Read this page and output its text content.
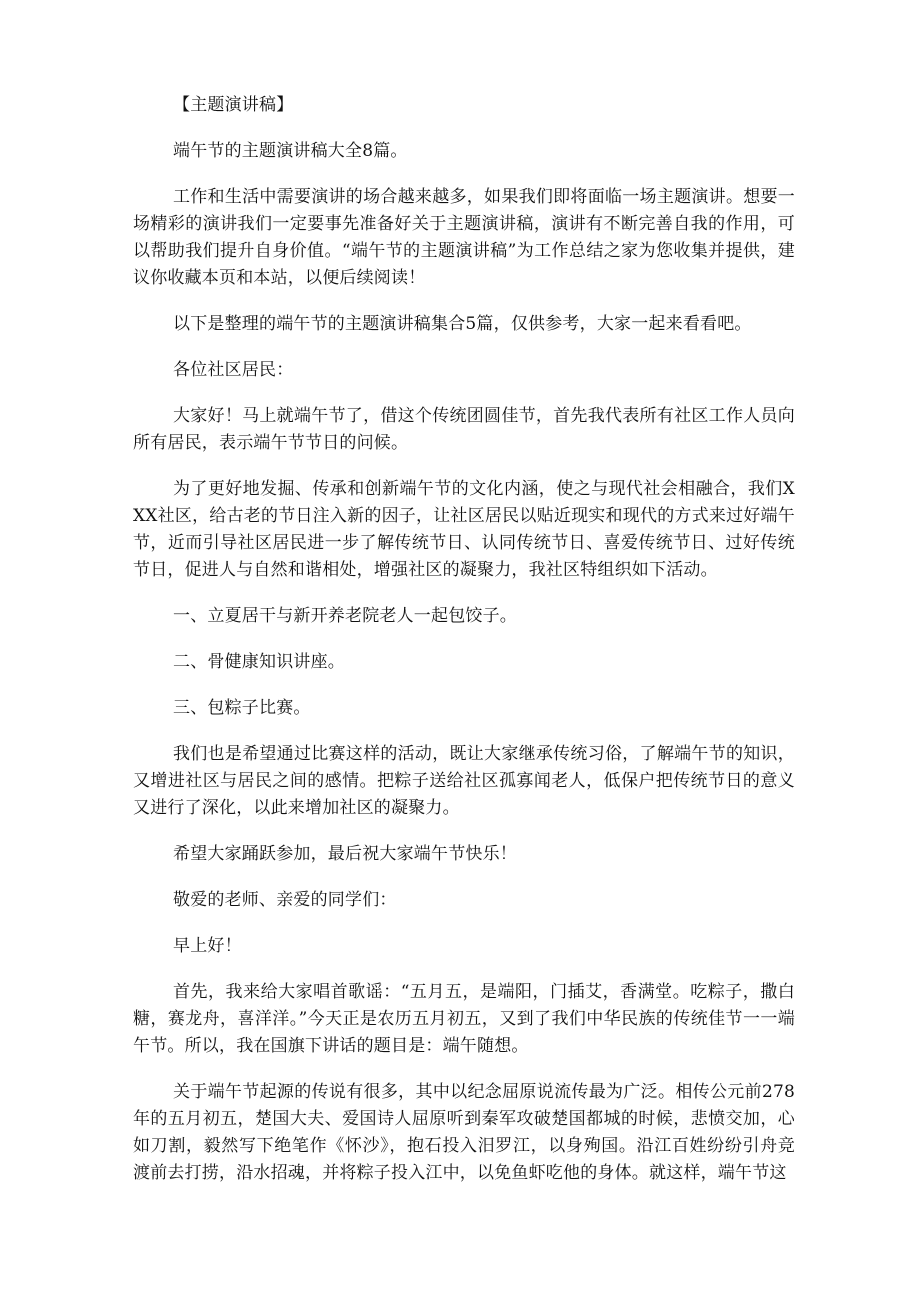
【主题演讲稿】

端午节的主题演讲稿大全8篇。

工作和生活中需要演讲的场合越来越多，如果我们即将面临一场主题演讲。想要一场精彩的演讲我们一定要事先准备好关于主题演讲稿，演讲有不断完善自我的作用，可以帮助我们提升自身价值。“端午节的主题演讲稿”为工作总结之家为您收集并提供，建议你收藏本页和本站，以便后续阅读！

以下是整理的端午节的主题演讲稿集合5篇，仅供参考，大家一起来看看吧。

各位社区居民：

大家好！马上就端午节了，借这个传统团圆佳节，首先我代表所有社区工作人员向所有居民，表示端午节节日的问候。

为了更好地发掘、传承和创新端午节的文化内涵，使之与现代社会相融合，我们XXX社区，给古老的节日注入新的因子，让社区居民以贴近现实和现代的方式来过好端午节，近而引导社区居民进一步了解传统节日、认同传统节日、喜爱传统节日、过好传统节日，促进人与自然和谐相处，增强社区的凝聚力，我社区特组织如下活动。

一、立夏居干与新开养老院老人一起包饺子。

二、骨健康知识讲座。

三、包粽子比赛。

我们也是希望通过比赛这样的活动，既让大家继承传统习俗，了解端午节的知识，又增进社区与居民之间的感情。把粽子送给社区孤寡闻老人，低保户把传统节日的意义又进行了深化，以此来增加社区的凝聚力。

希望大家踊跃参加，最后祝大家端午节快乐！

敬爱的老师、亲爱的同学们：

早上好！

首先，我来给大家唱首歌谣：“五月五，是端阳，门插艾，香满堂。吃粽子，撒白糖，赛龙舟，喜洋洋。”今天正是农历五月初五，又到了我们中华民族的传统佳节一一端午节。所以，我在国旗下讲话的题目是：端午随想。

关于端午节起源的传说有很多，其中以纪念屈原说流传最为广泛。相传公元前278年的五月初五，楚国大夫、爱国诗人屈原听到秦军攻破楚国都城的时候，悲愤交加，心如刀割，毅然写下绝笔作《怀沙》，抱石投入汨罗江，以身殉国。沿江百姓纷纷引舟竞渡前去打捞，沿水招魂，并将粽子投入江中，以免鱼虾吃他的身体。就这样，端午节这
